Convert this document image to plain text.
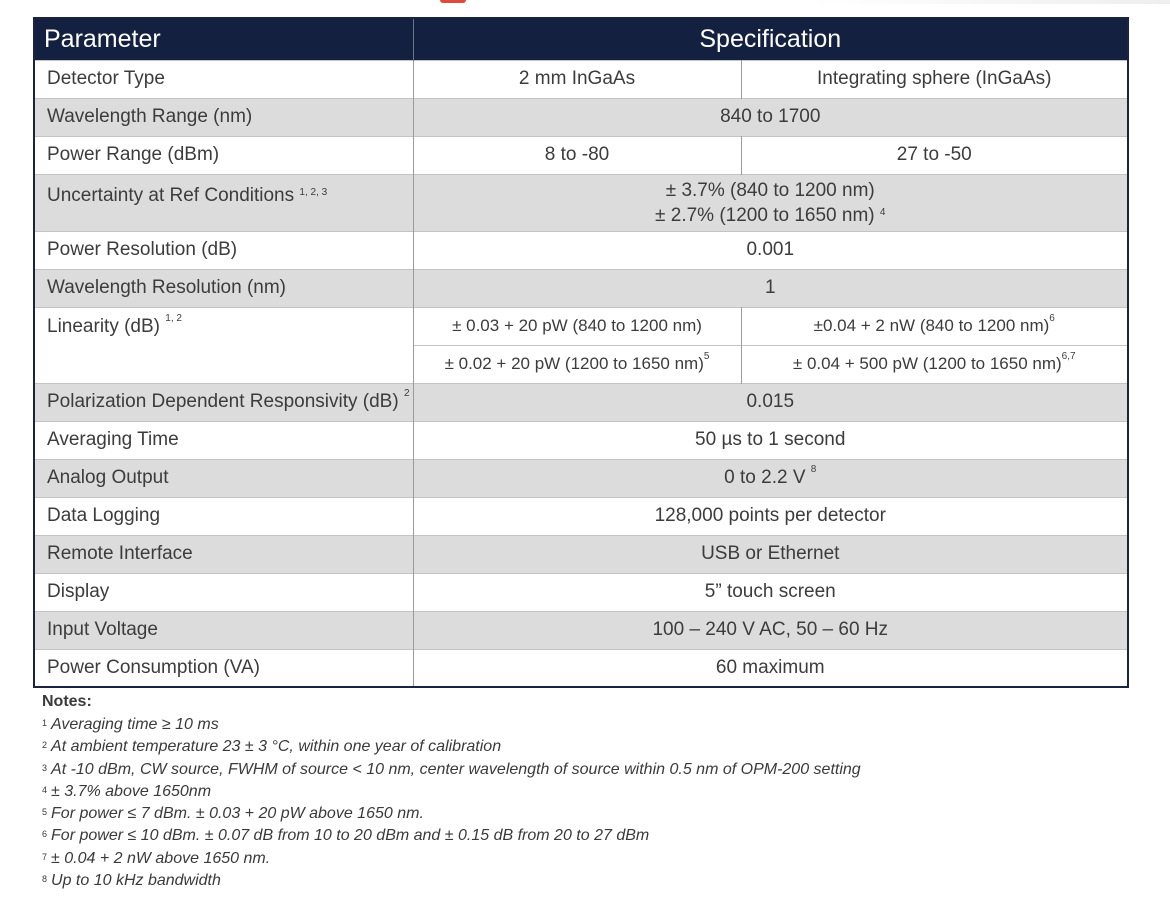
Parameter	Specification	
Detector Type	2 mm InGaAs	Integrating sphere (InGaAs)
Wavelength Range (nm)	840 to 1700	
Power Range (dBm)	8 to -80	27 to -50
Uncertainty at Ref Conditions $^{1, 2, 3}$	± 3.7% (840 to 1200 nm)
± 2.7% (1200 to 1650 nm) $^4$

Power Resolution (dB)	0.001	
Wavelength Resolution (nm)	1	
Linearity (dB) $^{1, 2}$	± 0.03 + 20 pW (840 to 1200 nm)	±0.04 + 2 nW (840 to 1200 nm)$^6$
	± 0.02 + 20 pW (1200 to 1650 nm)$^5$	± 0.04 + 500 pW (1200 to 1650 nm)$^{6,7}$
Polarization Dependent Responsivity (dB) $^2$	0.015	
Averaging Time	50 µs to 1 second	
Analog Output	0 to 2.2 V $^8$
Data Logging	128,000 points per detector	
Remote Interface	USB or Ethernet	
Display	5” touch screen	
Input Voltage	100 – 240 V AC, 50 – 60 Hz	
Power Consumption (VA)	60 maximum	
Notes:
$^1$ Averaging time ≥ 10 ms
$^2$ At ambient temperature 23 ± 3 °C, within one year of calibration
$^3$ At -10 dBm, CW source, FWHM of source < 10 nm, center wavelength of source within 0.5 nm of OPM-200 setting
$^4$ ± 3.7% above 1650nm
$^5$ For power ≤ 7 dBm. ± 0.03 + 20 pW above 1650 nm.
$^6$ For power ≤ 10 dBm. ± 0.07 dB from 10 to 20 dBm and ± 0.15 dB from 20 to 27 dBm
$^7$ ± 0.04 + 2 nW above 1650 nm.
$^8$ Up to 10 kHz bandwidth
